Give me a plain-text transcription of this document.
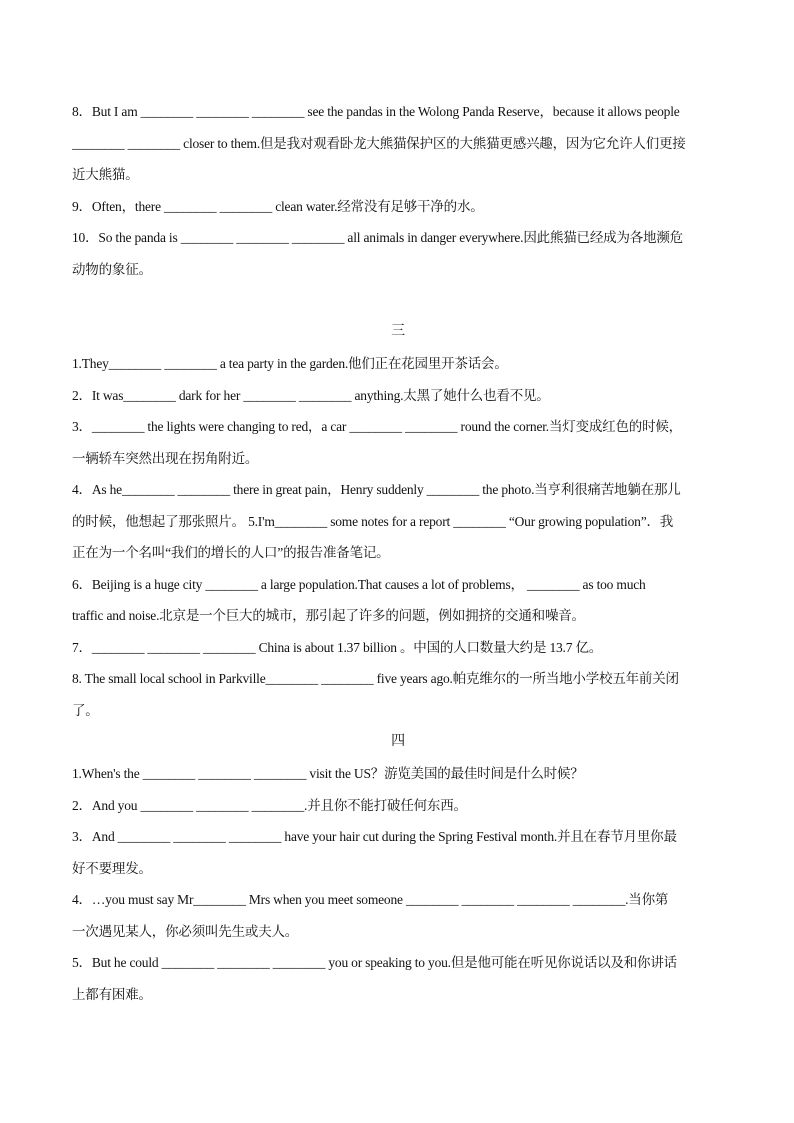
8．But I am ________ ________ ________ see the pandas in the Wolong Panda Reserve，because it allows people
________ ________ closer to them.但是我对观看卧龙大熊猫保护区的大熊猫更感兴趣，因为它允许人们更接
近大熊猫。
9．Often，there ________ ________ clean water.经常没有足够干净的水。
10．So the panda is ________ ________ ________ all animals in danger everywhere.因此熊猫已经成为各地濒危
动物的象征。
三
1.They________ ________ a tea party in the garden.他们正在花园里开茶话会。
2．It was________ dark for her ________ ________ anything.太黑了她什么也看不见。
3．________ the lights were changing to red，a car ________ ________ round the corner.当灯变成红色的时候，
一辆轿车突然出现在拐角附近。
4．As he________ ________ there in great pain，Henry suddenly ________ the photo.当亨利很痛苦地躺在那儿
的时候，他想起了那张照片。 5.I'm________ some notes for a report ________ “Our growing population”．我
正在为一个名叫“我们的增长的人口”的报告准备笔记。
6．Beijing is a huge city ________ a large population.That causes a lot of problems， ________ as too much
traffic and noise.北京是一个巨大的城市，那引起了许多的问题，例如拥挤的交通和噪音。
7．________ ________ ________ China is about 1.37 billion 。中国的人口数量大约是 13.7 亿。
8. The small local school in Parkville________ ________ five years ago.帕克维尔的一所当地小学校五年前关闭
了。
四
1.When's the ________ ________ ________ visit the US？游览美国的最佳时间是什么时候？
2．And you ________ ________ ________.并且你不能打破任何东西。
3．And ________ ________ ________ have your hair cut during the Spring Festival month.并且在春节月里你最
好不要理发。
4．…you must say Mr________ Mrs when you meet someone ________ ________ ________ ________.当你第
一次遇见某人，你必须叫先生或夫人。
5．But he could ________ ________ ________ you or speaking to you.但是他可能在听见你说话以及和你讲话
上都有困难。
